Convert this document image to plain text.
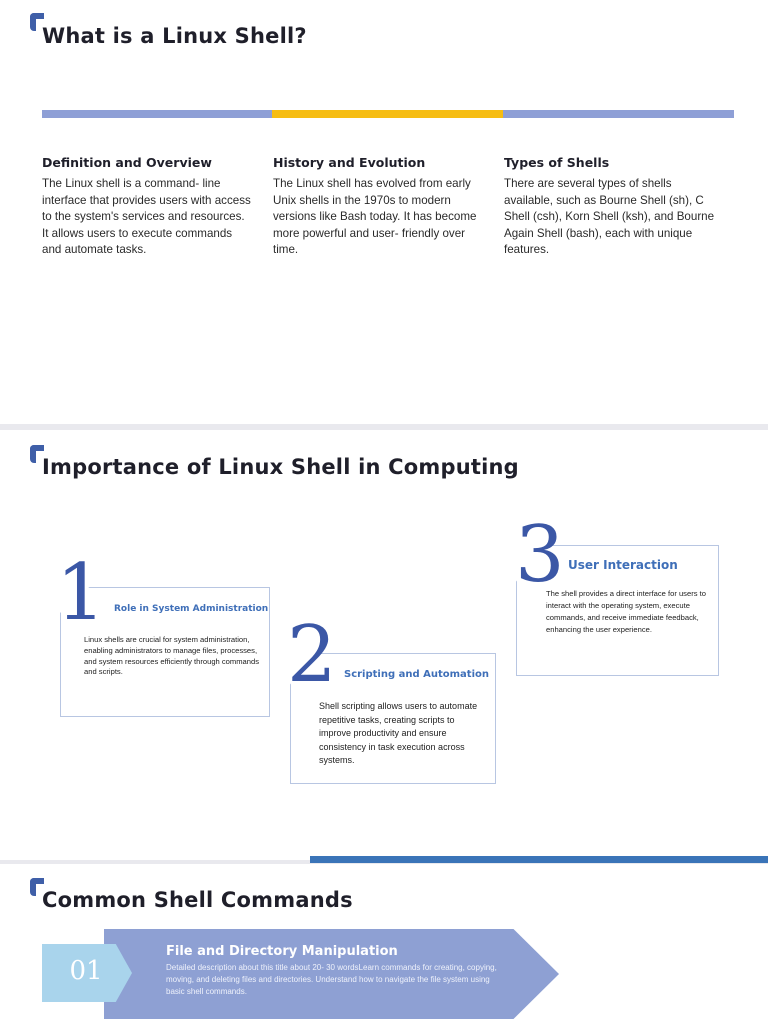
What is a Linux Shell?
Definition and Overview

The Linux shell is a command- line interface that provides users with access to the system's services and resources. It allows users to execute commands and automate tasks.

History and Evolution

The Linux shell has evolved from early Unix shells in the 1970s to modern versions like Bash today. It has become more powerful and user- friendly over time.

Types of Shells

There are several types of shells available, such as Bourne Shell (sh), C Shell (csh), Korn Shell (ksh), and Bourne Again Shell (bash), each with unique features.

Importance of Linux Shell in Computing
1 Role in System Administration
Linux shells are crucial for system administration, enabling administrators to manage files, processes, and system resources efficiently through commands and scripts.	2 Scripting and Automation
Shell scripting allows users to automate repetitive tasks, creating scripts to improve productivity and ensure consistency in task execution across systems.
3 User Interaction
The shell provides a direct interface for users to interact with the operating system, execute commands, and receive immediate feedback, enhancing the user experience.
Common Shell Commands
01
File and Directory Manipulation
Detailed description about this title about 20- 30 wordsLearn commands for creating, copying, moving, and deleting files and directories. Understand how to navigate the file system using basic shell commands.
